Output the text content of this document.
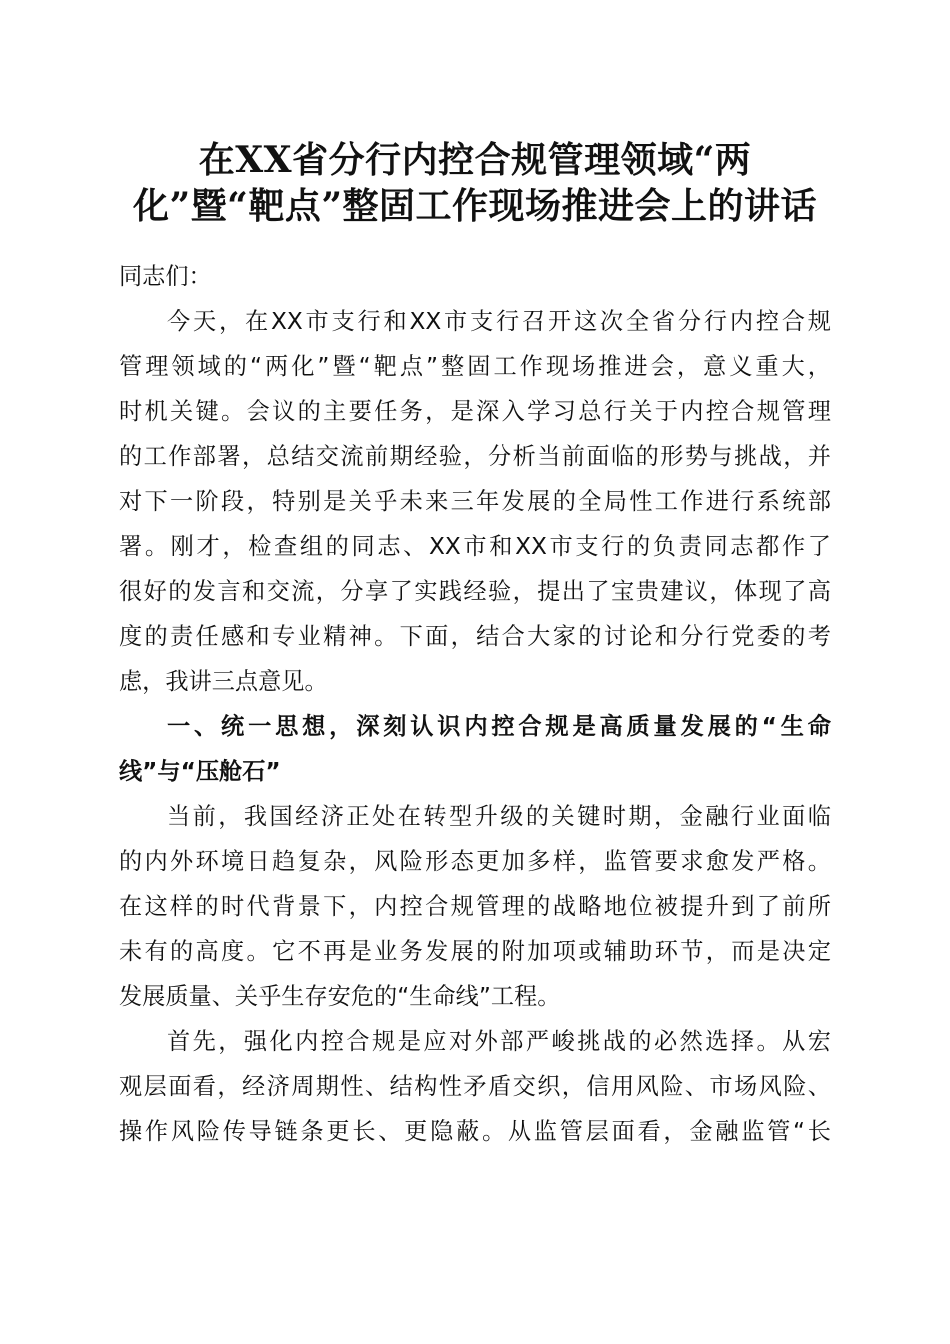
在XX省分行内控合规管理领域“两
化”暨“靶点”整固工作现场推进会上的讲话
同志们：
今天，在XX市支行和XX市支行召开这次全省分行内控合规
管理领域的“两化”暨“靶点”整固工作现场推进会，意义重大，
时机关键。会议的主要任务，是深入学习总行关于内控合规管理
的工作部署，总结交流前期经验，分析当前面临的形势与挑战，并
对下一阶段，特别是关乎未来三年发展的全局性工作进行系统部
署。刚才，检查组的同志、XX市和XX市支行的负责同志都作了
很好的发言和交流，分享了实践经验，提出了宝贵建议，体现了高
度的责任感和专业精神。下面，结合大家的讨论和分行党委的考
虑，我讲三点意见。
一、统一思想，深刻认识内控合规是高质量发展的“生命
线”与“压舱石”
当前，我国经济正处在转型升级的关键时期，金融行业面临
的内外环境日趋复杂，风险形态更加多样，监管要求愈发严格。
在这样的时代背景下，内控合规管理的战略地位被提升到了前所
未有的高度。它不再是业务发展的附加项或辅助环节，而是决定
发展质量、关乎生存安危的“生命线”工程。
首先，强化内控合规是应对外部严峻挑战的必然选择。从宏
观层面看，经济周期性、结构性矛盾交织，信用风险、市场风险、
操作风险传导链条更长、更隐蔽。从监管层面看，金融监管“长
